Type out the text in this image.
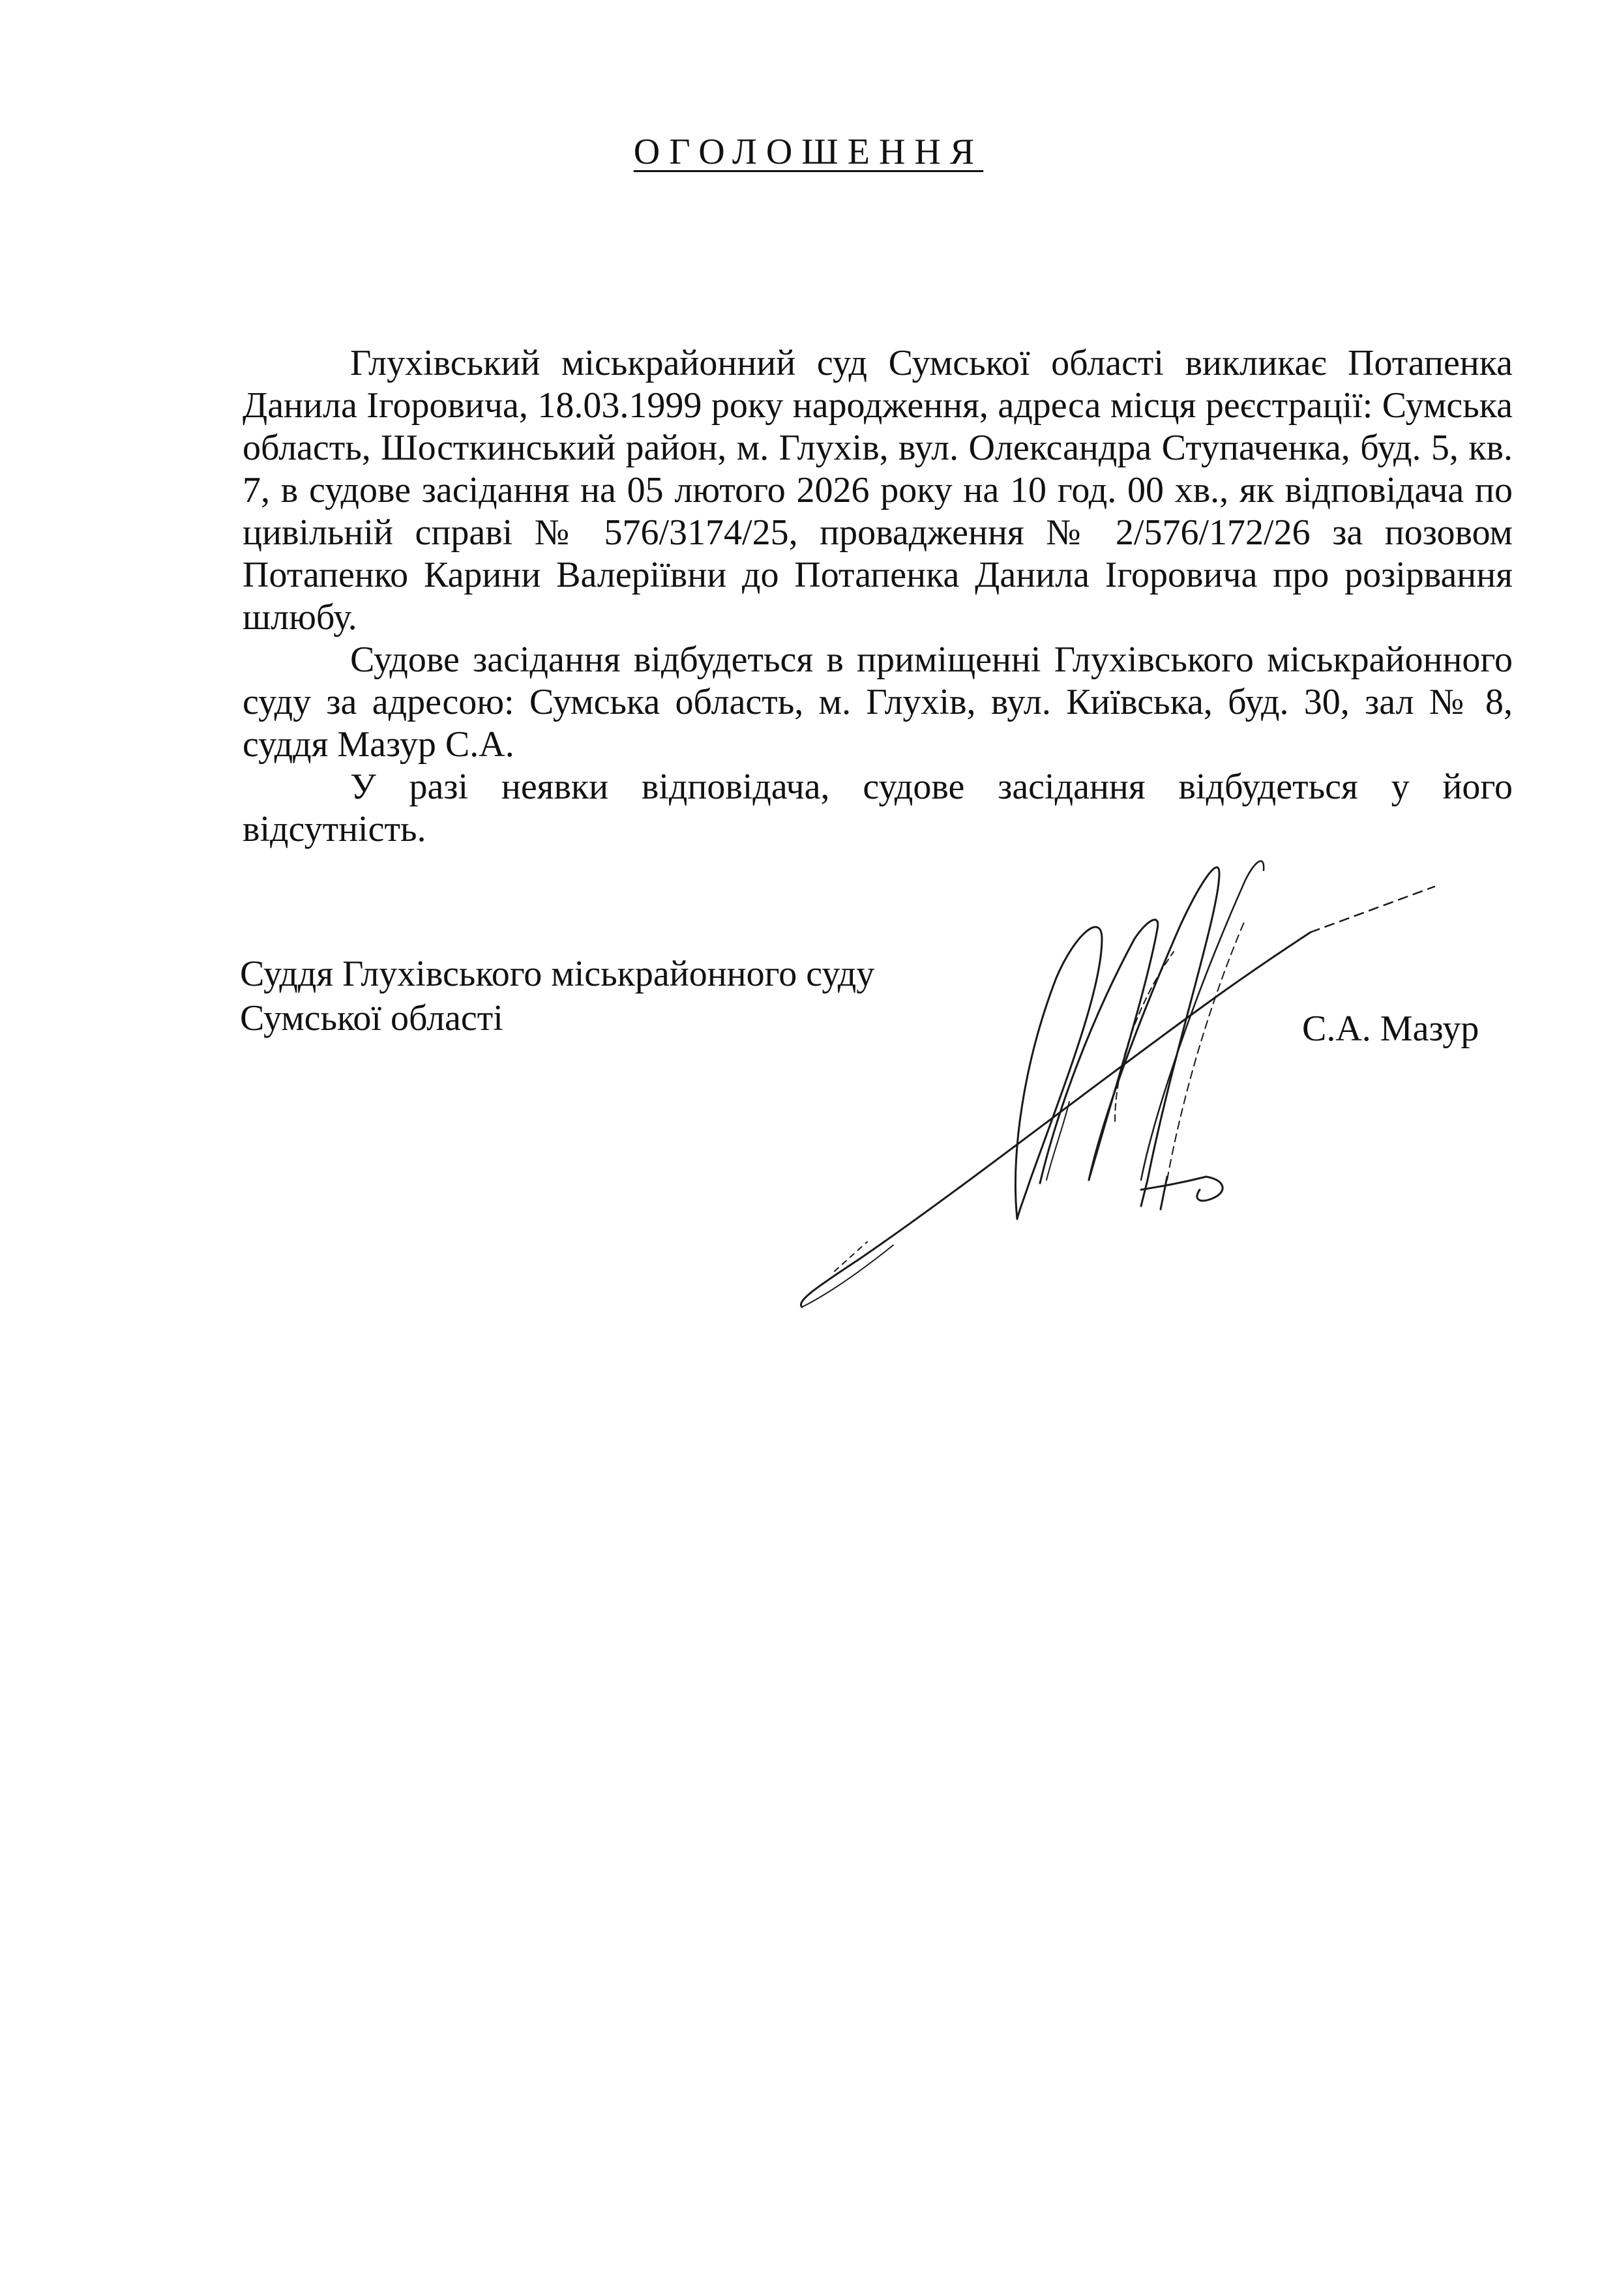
ОГОЛОШЕННЯ

Глухівський міськрайонний суд Сумської області викликає Потапенка Данила Ігоровича, 18.03.1999 року народження, адреса місця реєстрації: Сумська область, Шосткинський район, м. Глухів, вул. Олександра Ступаченка, буд. 5, кв. 7, в судове засідання на 05 лютого 2026 року на 10 год. 00 хв., як відповідача по цивільній справі № 576/3174/25, провадження № 2/576/172/26 за позовом Потапенко Карини Валеріївни до Потапенка Данила Ігоровича про розірвання шлюбу.

Судове засідання відбудеться в приміщенні Глухівського міськрайонного суду за адресою: Сумська область, м. Глухів, вул. Київська, буд. 30, зал № 8, суддя Мазур С.А.

У разі неявки відповідача, судове засідання відбудеться у його відсутність.

Суддя Глухівського міськрайонного суду
Сумської області	С.А. Мазур
